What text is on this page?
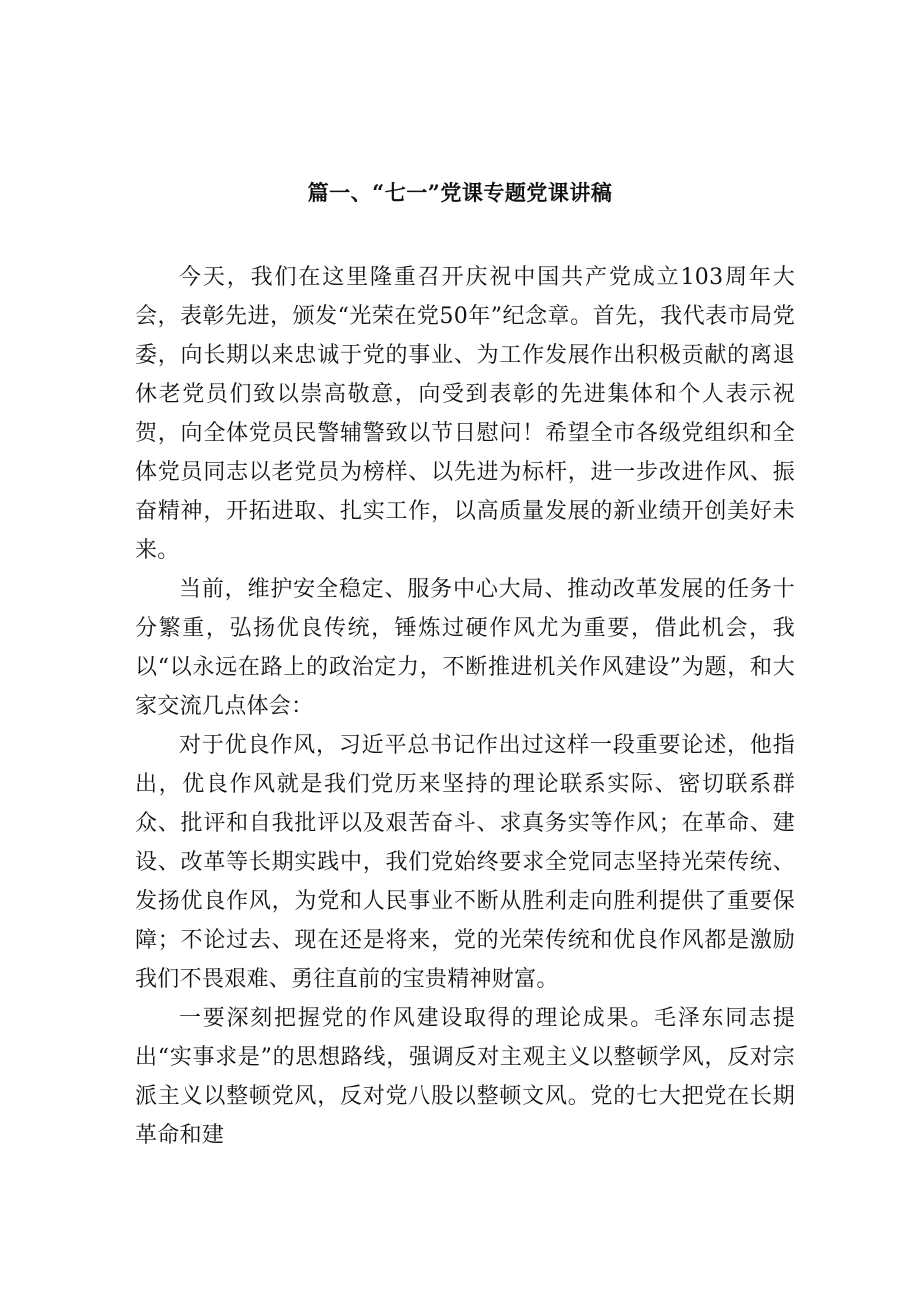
篇一、“七一”党课专题党课讲稿

今天，我们在这里隆重召开庆祝中国共产党成立103周年大会，表彰先进，颁发“光荣在党50年”纪念章。首先，我代表市局党委，向长期以来忠诚于党的事业、为工作发展作出积极贡献的离退休老党员们致以崇高敬意，向受到表彰的先进集体和个人表示祝贺，向全体党员民警辅警致以节日慰问！希望全市各级党组织和全体党员同志以老党员为榜样、以先进为标杆，进一步改进作风、振奋精神，开拓进取、扎实工作，以高质量发展的新业绩开创美好未来。

当前，维护安全稳定、服务中心大局、推动改革发展的任务十分繁重，弘扬优良传统，锤炼过硬作风尤为重要，借此机会，我以“以永远在路上的政治定力，不断推进机关作风建设”为题，和大家交流几点体会：

对于优良作风，习近平总书记作出过这样一段重要论述，他指出，优良作风就是我们党历来坚持的理论联系实际、密切联系群众、批评和自我批评以及艰苦奋斗、求真务实等作风；在革命、建设、改革等长期实践中，我们党始终要求全党同志坚持光荣传统、发扬优良作风，为党和人民事业不断从胜利走向胜利提供了重要保障；不论过去、现在还是将来，党的光荣传统和优良作风都是激励我们不畏艰难、勇往直前的宝贵精神财富。

一要深刻把握党的作风建设取得的理论成果。毛泽东同志提出“实事求是”的思想路线，强调反对主观主义以整顿学风，反对宗派主义以整顿党风，反对党八股以整顿文风。党的七大把党在长期革命和建
